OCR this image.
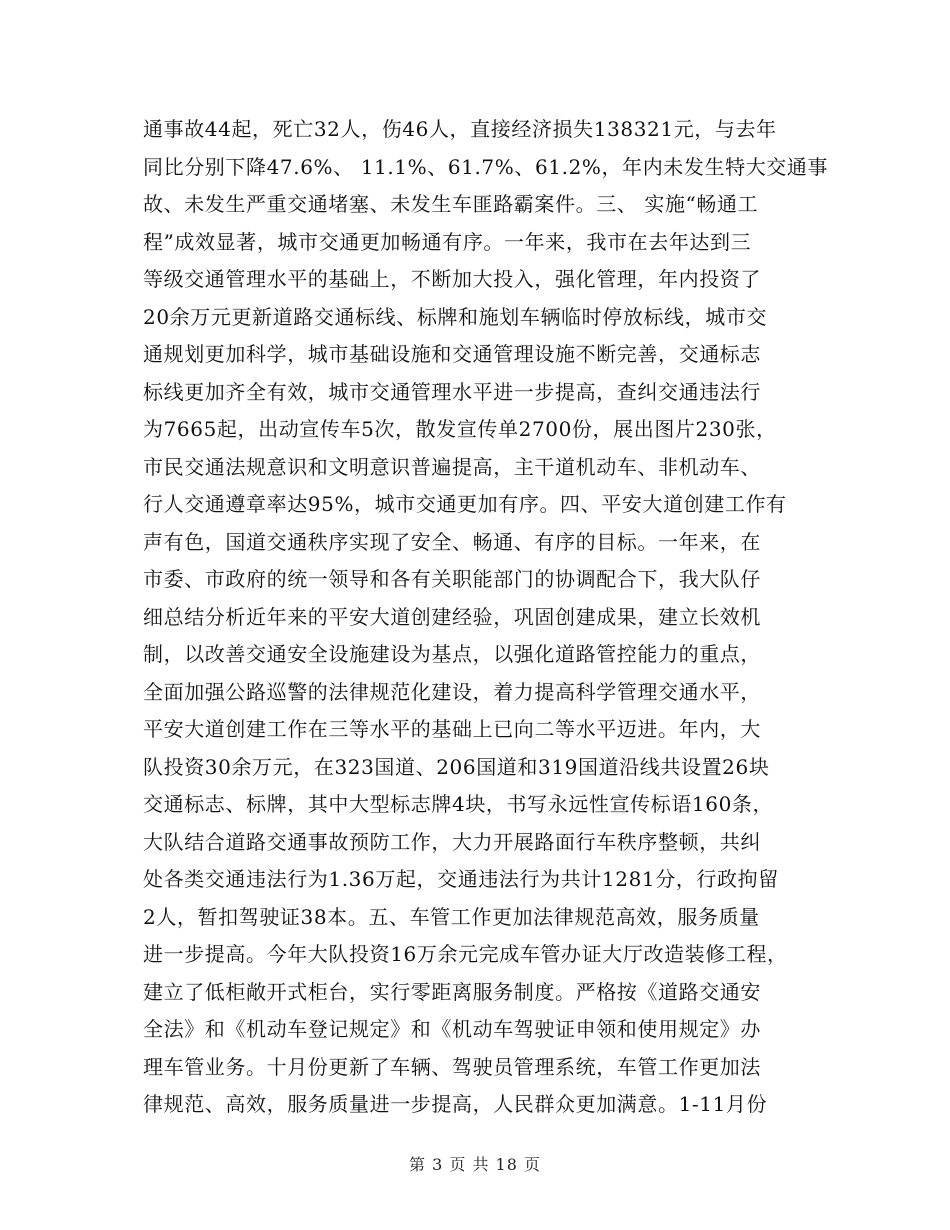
通事故44起，死亡32人，伤46人，直接经济损失138321元，与去年
同比分别下降47.6%、 11.1%、61.7%、61.2%，年内未发生特大交通事
故、未发生严重交通堵塞、未发生车匪路霸案件。三、 实施“畅通工
程”成效显著，城市交通更加畅通有序。一年来，我市在去年达到三
等级交通管理水平的基础上，不断加大投入，强化管理，年内投资了
20余万元更新道路交通标线、标牌和施划车辆临时停放标线，城市交
通规划更加科学，城市基础设施和交通管理设施不断完善，交通标志
标线更加齐全有效，城市交通管理水平进一步提高，查纠交通违法行
为7665起，出动宣传车5次，散发宣传单2700份，展出图片230张，
市民交通法规意识和文明意识普遍提高，主干道机动车、非机动车、
行人交通遵章率达95%，城市交通更加有序。四、平安大道创建工作有
声有色，国道交通秩序实现了安全、畅通、有序的目标。一年来，在
市委、市政府的统一领导和各有关职能部门的协调配合下，我大队仔
细总结分析近年来的平安大道创建经验，巩固创建成果，建立长效机
制，以改善交通安全设施建设为基点，以强化道路管控能力的重点，
全面加强公路巡警的法律规范化建设，着力提高科学管理交通水平，
平安大道创建工作在三等水平的基础上已向二等水平迈进。年内，大
队投资30余万元，在323国道、206国道和319国道沿线共设置26块
交通标志、标牌，其中大型标志牌4块，书写永远性宣传标语160条，
大队结合道路交通事故预防工作，大力开展路面行车秩序整顿，共纠
处各类交通违法行为1.36万起，交通违法行为共计1281分，行政拘留
2人，暂扣驾驶证38本。五、车管工作更加法律规范高效，服务质量
进一步提高。今年大队投资16万余元完成车管办证大厅改造装修工程，
建立了低柜敞开式柜台，实行零距离服务制度。严格按《道路交通安
全法》和《机动车登记规定》和《机动车驾驶证申领和使用规定》办
理车管业务。十月份更新了车辆、驾驶员管理系统，车管工作更加法
律规范、高效，服务质量进一步提高，人民群众更加满意。1-11月份
第 3 页 共 18 页
